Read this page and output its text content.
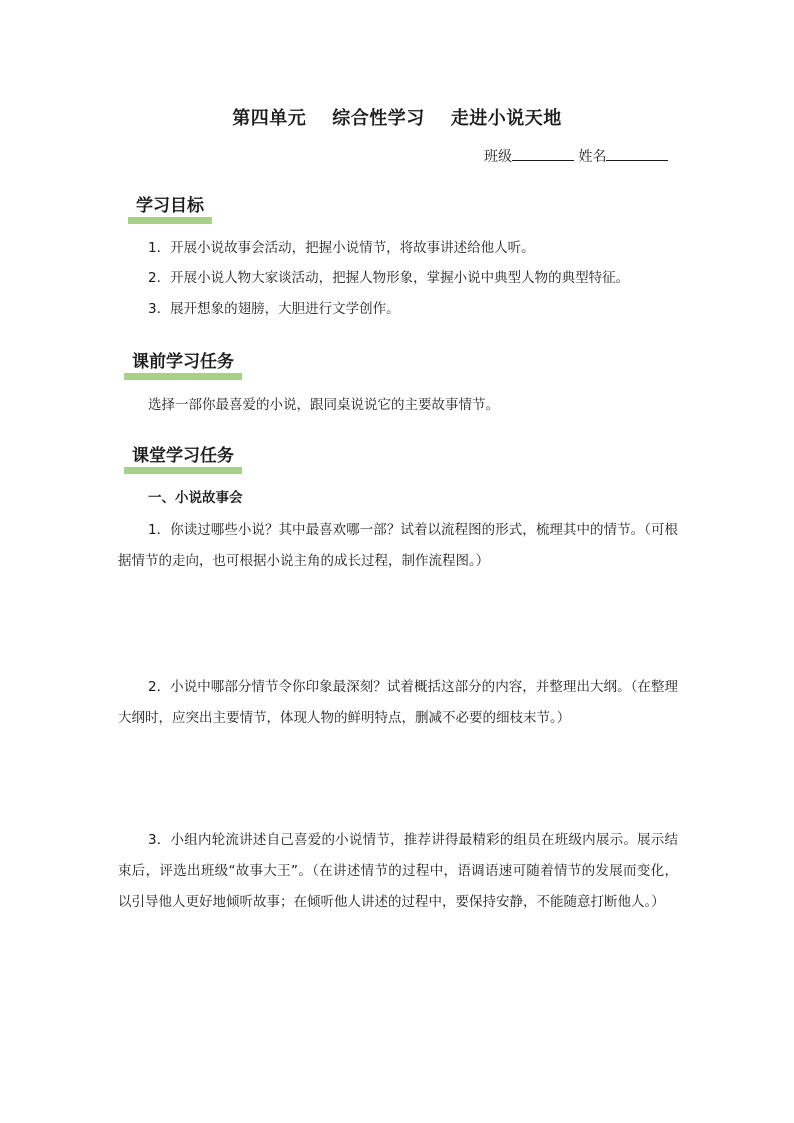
第四单元 综合性学习 走进小说天地
班级	姓名
学习目标
1．开展小说故事会活动，把握小说情节，将故事讲述给他人听。
2．开展小说人物大家谈活动，把握人物形象，掌握小说中典型人物的典型特征。
3．展开想象的翅膀，大胆进行文学创作。
课前学习任务
选择一部你最喜爱的小说，跟同桌说说它的主要故事情节。
课堂学习任务
一、小说故事会
1．你读过哪些小说？其中最喜欢哪一部？试着以流程图的形式，梳理其中的情节。（可根据情节的走向，也可根据小说主角的成长过程，制作流程图。）
2．小说中哪部分情节令你印象最深刻？试着概括这部分的内容，并整理出大纲。（在整理大纲时，应突出主要情节，体现人物的鲜明特点，删减不必要的细枝末节。）
3．小组内轮流讲述自己喜爱的小说情节，推荐讲得最精彩的组员在班级内展示。展示结束后，评选出班级“故事大王”。（在讲述情节的过程中，语调语速可随着情节的发展而变化，以引导他人更好地倾听故事；在倾听他人讲述的过程中，要保持安静，不能随意打断他人。）
